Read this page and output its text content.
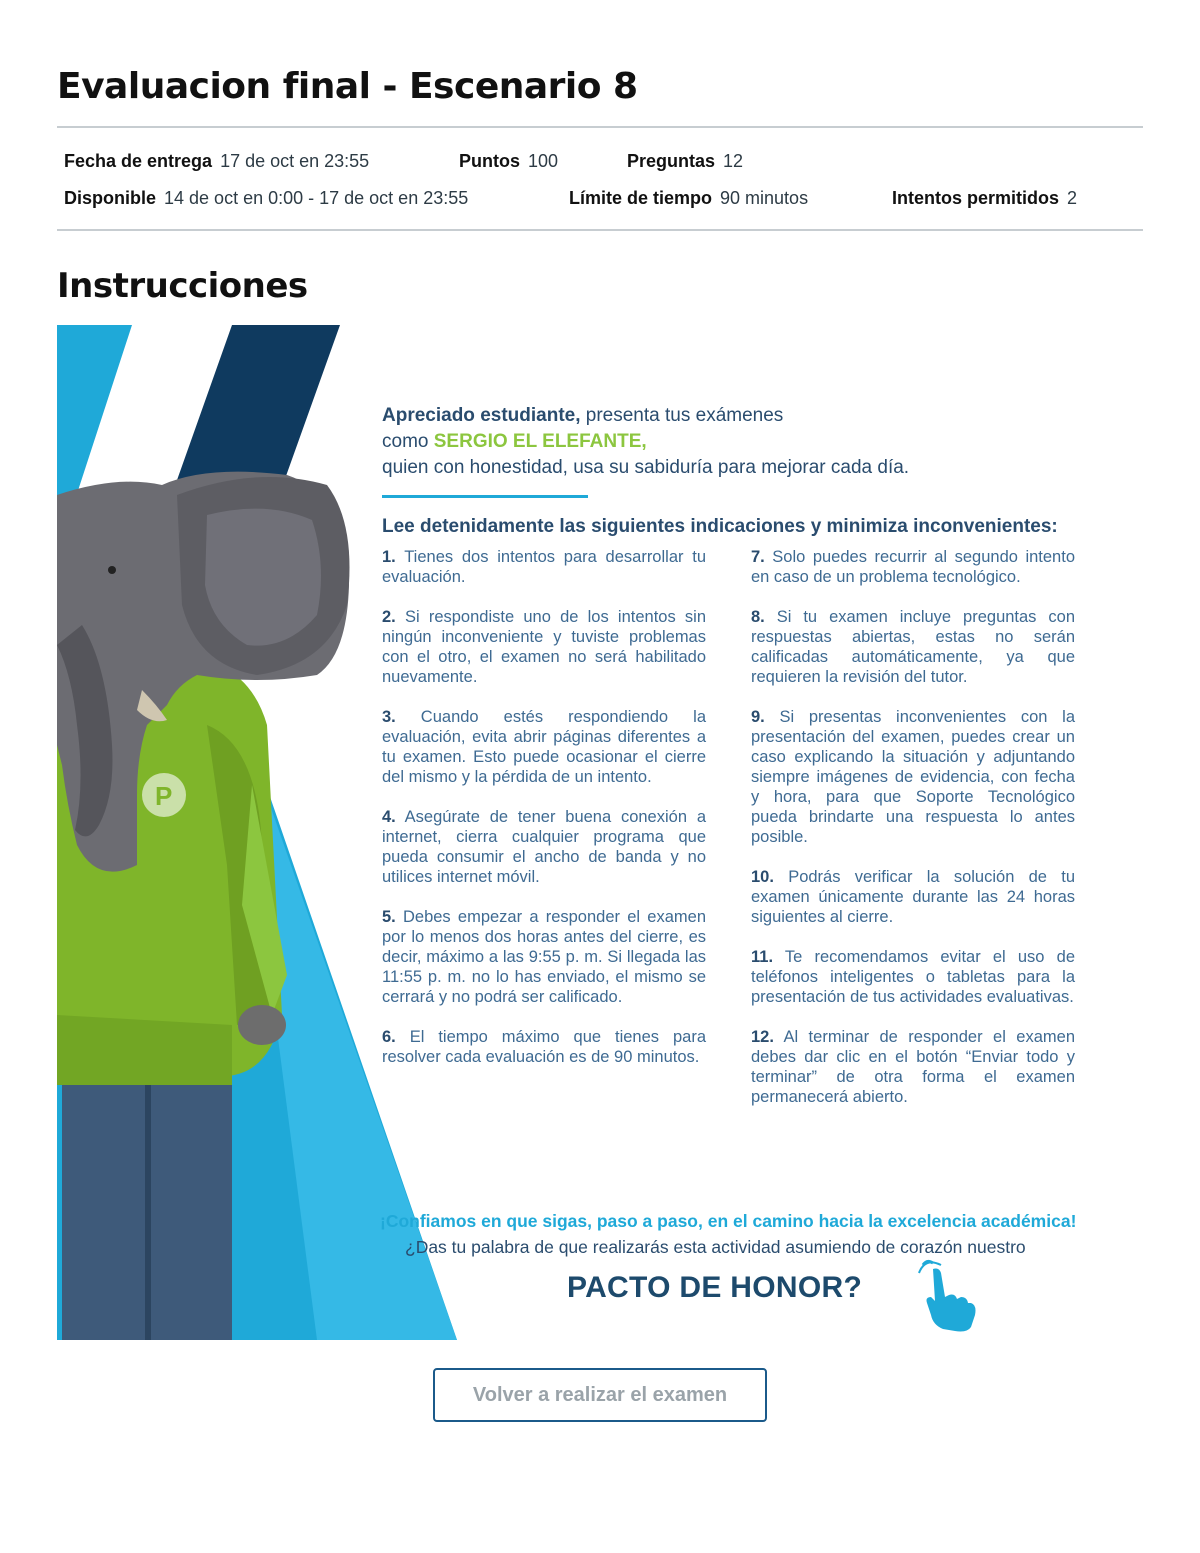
Evaluacion final - Escenario 8
Fecha de entrega 17 de oct en 23:55	Puntos 100	Preguntas 12
Disponible 14 de oct en 0:00 - 17 de oct en 23:55	Límite de tiempo 90 minutos	Intentos permitidos 2
Instrucciones
P
Apreciado estudiante, presenta tus exámenes
como SERGIO EL ELEFANTE,
quien con honestidad, usa su sabiduría para mejorar cada día.
Lee detenidamente las siguientes indicaciones y minimiza inconvenientes:
1. Tienes dos intentos para desarrollar tu evaluación.
2. Si respondiste uno de los intentos sin ningún inconveniente y tuviste problemas con el otro, el examen no será habilitado nuevamente.
3. Cuando estés respondiendo la evaluación, evita abrir páginas diferentes a tu examen. Esto puede ocasionar el cierre del mismo y la pérdida de un intento.
4. Asegúrate de tener buena conexión a internet, cierra cualquier programa que pueda consumir el ancho de banda y no utilices internet móvil.
5. Debes empezar a responder el examen por lo menos dos horas antes del cierre, es decir, máximo a las 9:55 p. m. Si llegada las 11:55 p. m. no lo has enviado, el mismo se cerrará y no podrá ser calificado.
6. El tiempo máximo que tienes para resolver cada evaluación es de 90 minutos.
7. Solo puedes recurrir al segundo intento en caso de un problema tecnológico.
8. Si tu examen incluye preguntas con respuestas abiertas, estas no serán calificadas automáticamente, ya que requieren la revisión del tutor.
9. Si presentas inconvenientes con la presentación del examen, puedes crear un caso explicando la situación y adjuntando siempre imágenes de evidencia, con fecha y hora, para que Soporte Tecnológico pueda brindarte una respuesta lo antes posible.
10. Podrás verificar la solución de tu examen únicamente durante las 24 horas siguientes al cierre.
11. Te recomendamos evitar el uso de teléfonos inteligentes o tabletas para la presentación de tus actividades evaluativas.
12. Al terminar de responder el examen debes dar clic en el botón “Enviar todo y terminar” de otra forma el examen permanecerá abierto.
¡Confiamos en que sigas, paso a paso, en el camino hacia la excelencia académica!
¿Das tu palabra de que realizarás esta actividad asumiendo de corazón nuestro
PACTO DE HONOR?
Volver a realizar el examen
